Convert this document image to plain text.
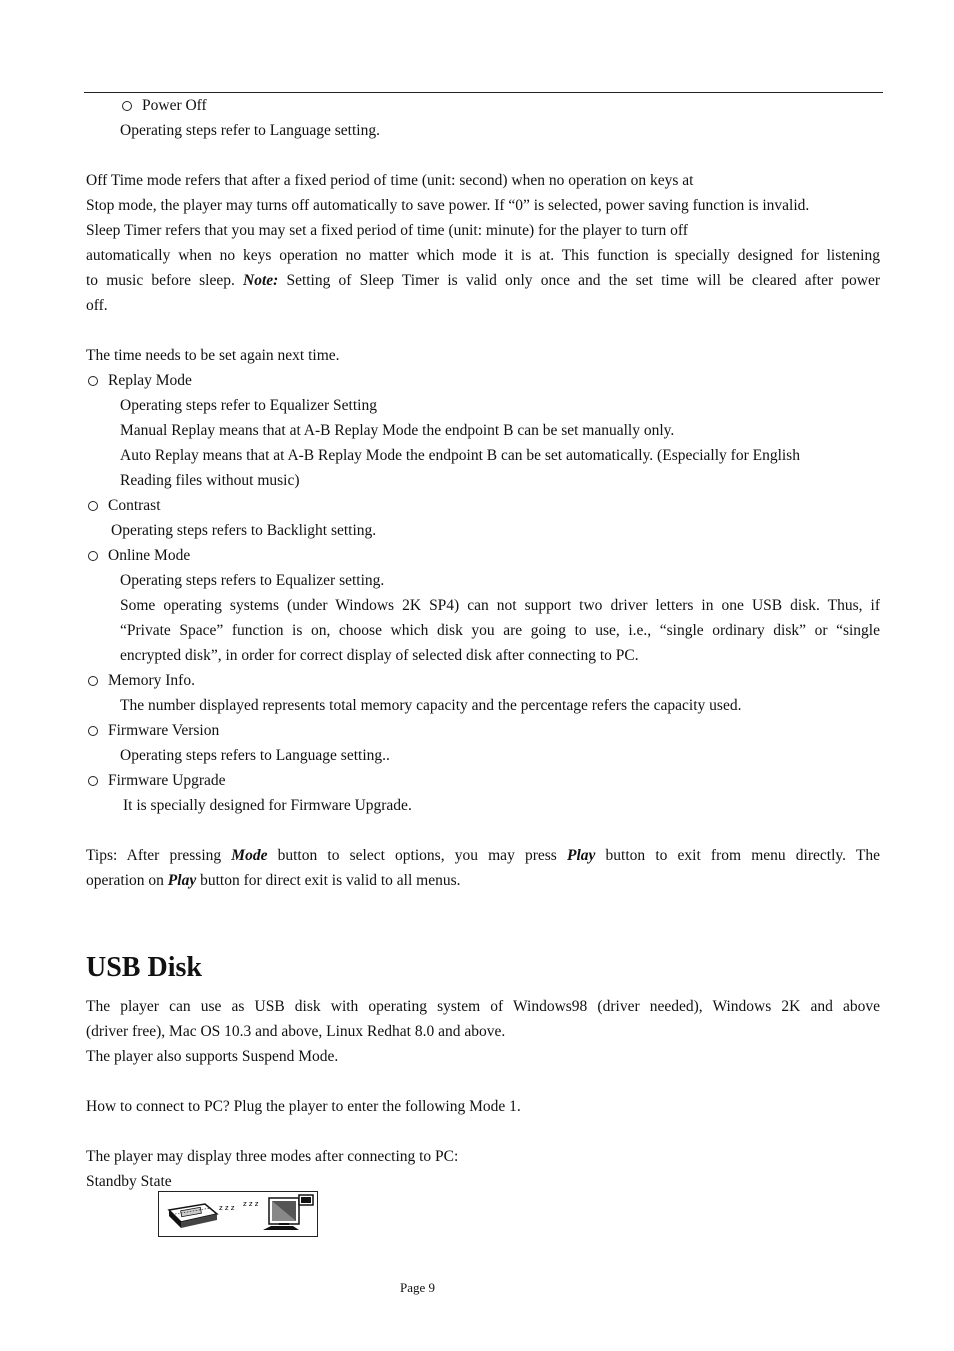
Power Off
Operating steps refer to Language setting.
Off Time mode refers that after a fixed period of time (unit: second) when no operation on keys at
Stop mode, the player may turns off automatically to save power. If “0” is selected, power saving function is invalid.
Sleep Timer refers that you may set a fixed period of time (unit: minute) for the player to turn off
automatically when no keys operation no matter which mode it is at. This function is specially designed for listening
to music before sleep. Note: Setting of Sleep Timer is valid only once and the set time will be cleared after power
off.
The time needs to be set again next time.
Replay Mode
Operating steps refer to Equalizer Setting
Manual Replay means that at A-B Replay Mode the endpoint B can be set manually only.
Auto Replay means that at A-B Replay Mode the endpoint B can be set automatically. (Especially for English
Reading files without music)
Contrast
Operating steps refers to Backlight setting.
Online Mode
Operating steps refers to Equalizer setting.
Some operating systems (under Windows 2K SP4) can not support two driver letters in one USB disk. Thus, if
“Private Space” function is on, choose which disk you are going to use, i.e., “single ordinary disk” or “single
encrypted disk”, in order for correct display of selected disk after connecting to PC.
Memory Info.
The number displayed represents total memory capacity and the percentage refers the capacity used.
Firmware Version
Operating steps refers to Language setting..
Firmware Upgrade
It is specially designed for Firmware Upgrade.
Tips: After pressing Mode button to select options, you may press Play button to exit from menu directly. The
operation on Play button for direct exit is valid to all menus.
USB Disk
The player can use as USB disk with operating system of Windows98 (driver needed), Windows 2K and above
(driver free), Mac OS 10.3 and above, Linux Redhat 8.0 and above.
The player also supports Suspend Mode.
How to connect to PC? Plug the player to enter the following Mode 1.
The player may display three modes after connecting to PC:
Standby State
z z z z z z
Page 9
